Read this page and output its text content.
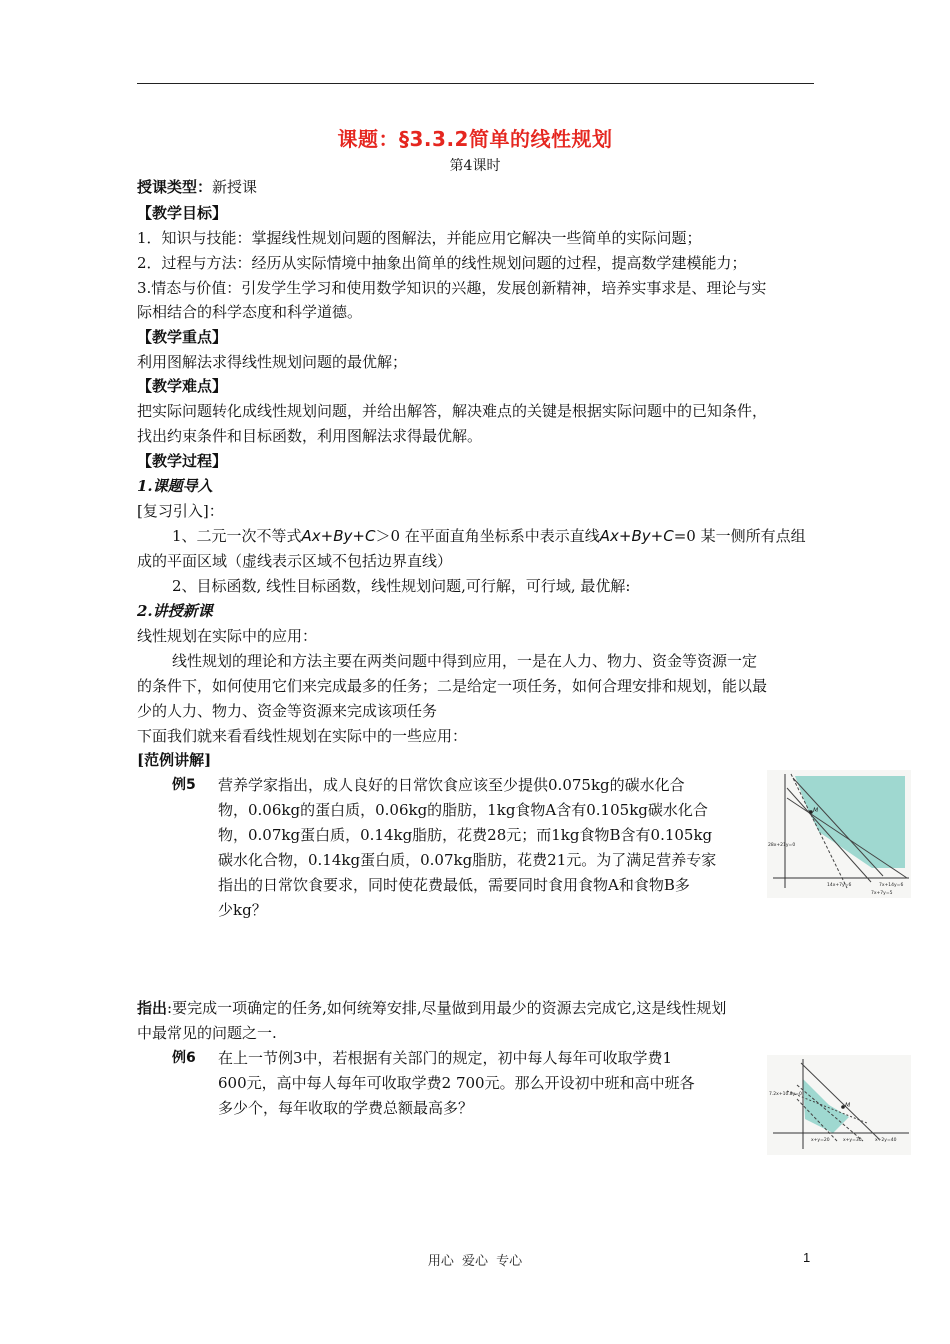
课题：§3.3.2简单的线性规划
第4课时
授课类型：新授课
【教学目标】
1．知识与技能：掌握线性规划问题的图解法，并能应用它解决一些简单的实际问题；
2．过程与方法：经历从实际情境中抽象出简单的线性规划问题的过程，提高数学建模能力；
3.情态与价值：引发学生学习和使用数学知识的兴趣，发展创新精神，培养实事求是、理论与实
际相结合的科学态度和科学道德。
【教学重点】
利用图解法求得线性规划问题的最优解；
【教学难点】
把实际问题转化成线性规划问题，并给出解答，解决难点的关键是根据实际问题中的已知条件，
找出约束条件和目标函数，利用图解法求得最优解。
【教学过程】
1.课题导入
[复习引入]：
1、二元一次不等式Ax+By+C＞0 在平面直角坐标系中表示直线Ax+By+C=0 某一侧所有点组
成的平面区域（虚线表示区域不包括边界直线）
2、目标函数, 线性目标函数，线性规划问题,可行解，可行域, 最优解:
2.讲授新课
线性规划在实际中的应用：
线性规划的理论和方法主要在两类问题中得到应用，一是在人力、物力、资金等资源一定
的条件下，如何使用它们来完成最多的任务；二是给定一项任务，如何合理安排和规划，能以最
少的人力、物力、资金等资源来完成该项任务
下面我们就来看看线性规划在实际中的一些应用：
[范例讲解]
例5 营养学家指出，成人良好的日常饮食应该至少提供0.075kg的碳水化合
物，0.06kg的蛋白质，0.06kg的脂肪，1kg食物A含有0.105kg碳水化合
物，0.07kg蛋白质，0.14kg脂肪，花费28元；而1kg食物B含有0.105kg
碳水化合物，0.14kg蛋白质，0.07kg脂肪，花费21元。为了满足营养专家
指出的日常饮食要求，同时使花费最低，需要同时食用食物A和食物B多
少kg？
M
28x+21y=0
14x+7y=6
7x+7y=5
7x+14y=6
指出:要完成一项确定的任务,如何统筹安排,尽量做到用最少的资源去完成它,这是线性规划
中最常见的问题之一.
例6 在上一节例3中，若根据有关部门的规定，初中每人每年可收取学费1
600元，高中每人每年可收取学费2 700元。那么开设初中班和高中班各
多少个，每年收取的学费总额最高多？	M
7.2x+10.8y=0
x+y=20	x+y=30	x+2y=40
用心 爱心 专心	1
